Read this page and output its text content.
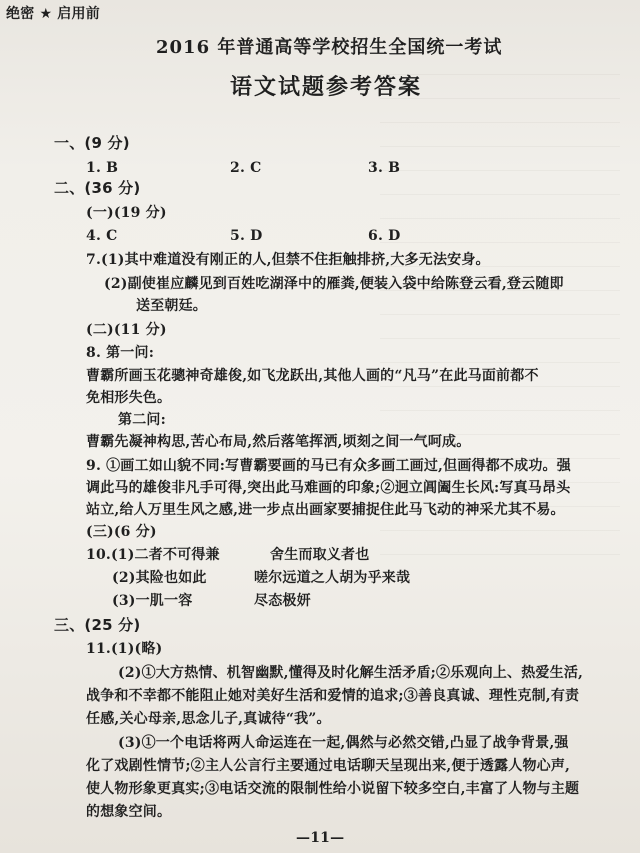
绝密 ★ 启用前
2016 年普通高等学校招生全国统一考试
语文试题参考答案
一、(9 分)
1. B	2. C	3. B
二、(36 分)
(一)(19 分)
4. C	5. D	6. D
7.(1)其中难道没有刚正的人,但禁不住拒触排挤,大多无法安身。
(2)副使崔应麟见到百姓吃湖泽中的雁粪,便装入袋中给陈登云看,登云随即
送至朝廷。
(二)(11 分)
8. 第一问:
曹霸所画玉花骢神奇雄俊,如飞龙跃出,其他人画的“凡马”在此马面前都不
免相形失色。
第二问:
曹霸先凝神构思,苦心布局,然后落笔挥洒,顷刻之间一气呵成。
9. ①画工如山貌不同:写曹霸要画的马已有众多画工画过,但画得都不成功。强
调此马的雄俊非凡手可得,突出此马难画的印象;②迥立阊阖生长风:写真马昂头
站立,给人万里生风之感,进一步点出画家要捕捉住此马飞动的神采尤其不易。
(三)(6 分)
10.(1)二者不可得兼	舍生而取义者也
(2)其险也如此	嗟尔远道之人胡为乎来哉
(3)一肌一容	尽态极妍
三、(25 分)
11.(1)(略)
(2)①大方热情、机智幽默,懂得及时化解生活矛盾;②乐观向上、热爱生活,
战争和不幸都不能阻止她对美好生活和爱情的追求;③善良真诚、理性克制,有责
任感,关心母亲,思念儿子,真诚待“我”。
(3)①一个电话将两人命运连在一起,偶然与必然交错,凸显了战争背景,强
化了戏剧性情节;②主人公言行主要通过电话聊天呈现出来,便于透露人物心声,
使人物形象更真实;③电话交流的限制性给小说留下较多空白,丰富了人物与主题
的想象空间。
—11—
